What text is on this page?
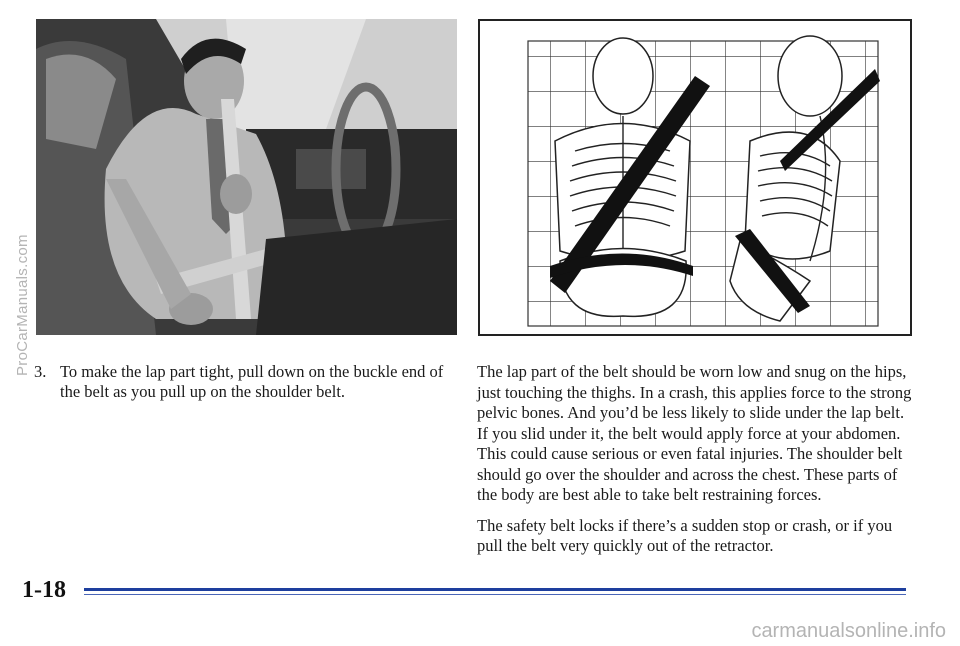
3. To make the lap part tight, pull down on the buckle end of the belt as you pull up on the shoulder belt.

The lap part of the belt should be worn low and snug on the hips, just touching the thighs. In a crash, this applies force to the strong pelvic bones. And you’d be less likely to slide under the lap belt. If you slid under it, the belt would apply force at your abdomen. This could cause serious or even fatal injuries. The shoulder belt should go over the shoulder and across the chest. These parts of the body are best able to take belt restraining forces.

The safety belt locks if there’s a sudden stop or crash, or if you pull the belt very quickly out of the retractor.

1-18
ProCarManuals.com
carmanualsonline.info
